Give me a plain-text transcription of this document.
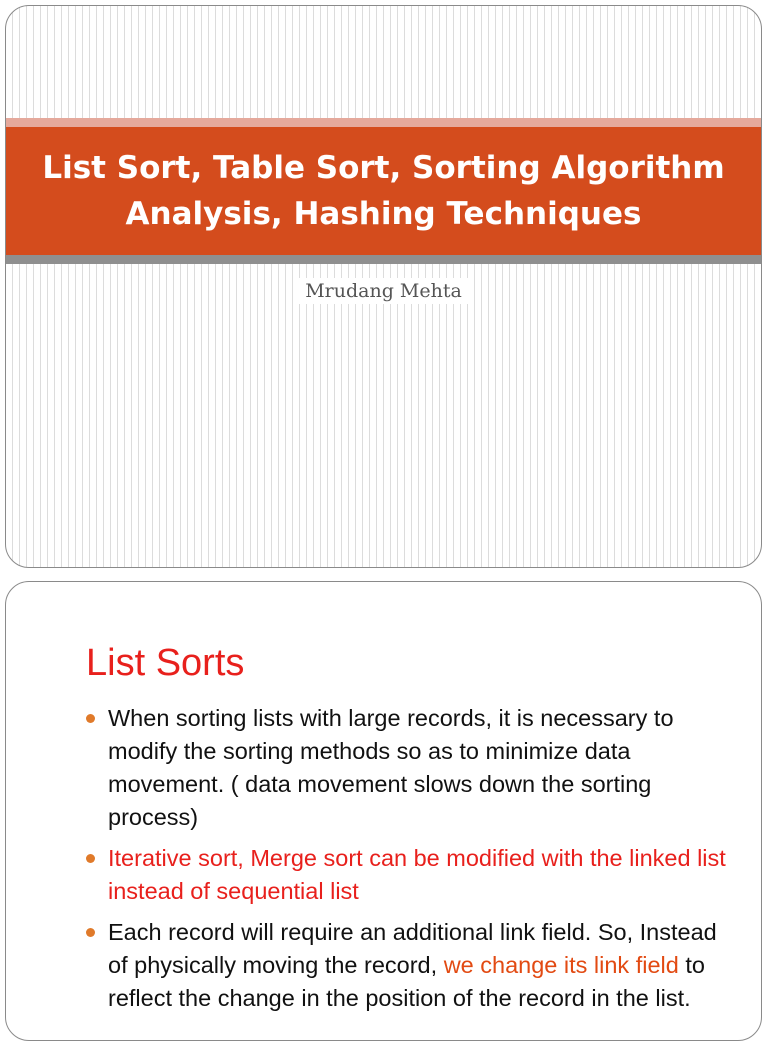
List Sort, Table Sort, Sorting Algorithm
Analysis, Hashing Techniques
Mrudang Mehta
List Sorts
When sorting lists with large records, it is necessary to modify the sorting methods so as to minimize data movement. ( data movement slows down the sorting process)
Iterative sort, Merge sort can be modified with the linked list instead of sequential list
Each record will require an additional link field. So, Instead of physically moving the record, we change its link field to reflect the change in the position of the record in the list.
